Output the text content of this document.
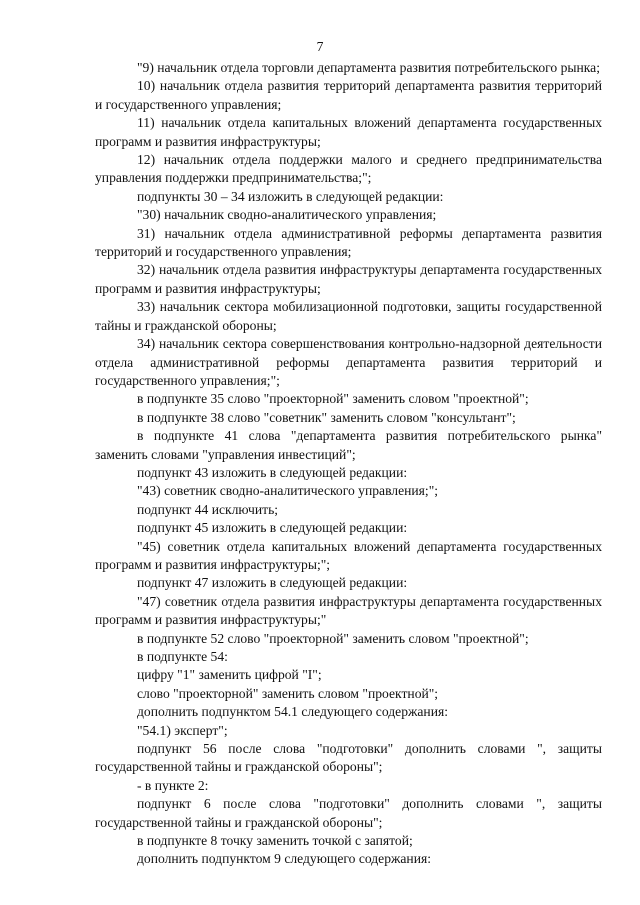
7

"9) начальник отдела торговли департамента развития потребительского рынка;

10) начальник отдела развития территорий департамента развития территорий и государственного управления;

11) начальник отдела капитальных вложений департамента государственных программ и развития инфраструктуры;

12) начальник отдела поддержки малого и среднего предпринимательства управления поддержки предпринимательства;";

подпункты 30 – 34 изложить в следующей редакции:

"30) начальник сводно-аналитического управления;

31) начальник отдела административной реформы департамента развития территорий и государственного управления;

32) начальник отдела развития инфраструктуры департамента государственных программ и развития инфраструктуры;

33) начальник сектора мобилизационной подготовки, защиты государственной тайны и гражданской обороны;

34) начальник сектора совершенствования контрольно-надзорной деятельности отдела административной реформы департамента развития территорий и государственного управления;";

в подпункте 35 слово "проекторной" заменить словом "проектной";

в подпункте 38 слово "советник" заменить словом "консультант";

в подпункте 41 слова "департамента развития потребительского рынка" заменить словами "управления инвестиций";

подпункт 43 изложить в следующей редакции:

"43) советник сводно-аналитического управления;";

подпункт 44 исключить;

подпункт 45 изложить в следующей редакции:

"45) советник отдела капитальных вложений департамента государственных программ и развития инфраструктуры;";

подпункт 47 изложить в следующей редакции:

"47) советник отдела развития инфраструктуры департамента государственных программ и развития инфраструктуры;"

в подпункте 52 слово "проекторной" заменить словом "проектной";

в подпункте 54:

цифру "1" заменить цифрой "I";

слово "проекторной" заменить словом "проектной";

дополнить подпунктом 54.1 следующего содержания:

"54.1) эксперт";

подпункт 56 после слова "подготовки" дополнить словами ", защиты государственной тайны и гражданской обороны";

- в пункте 2:

подпункт 6 после слова "подготовки" дополнить словами ", защиты государственной тайны и гражданской обороны";

в подпункте 8 точку заменить точкой с запятой;

дополнить подпунктом 9 следующего содержания:
